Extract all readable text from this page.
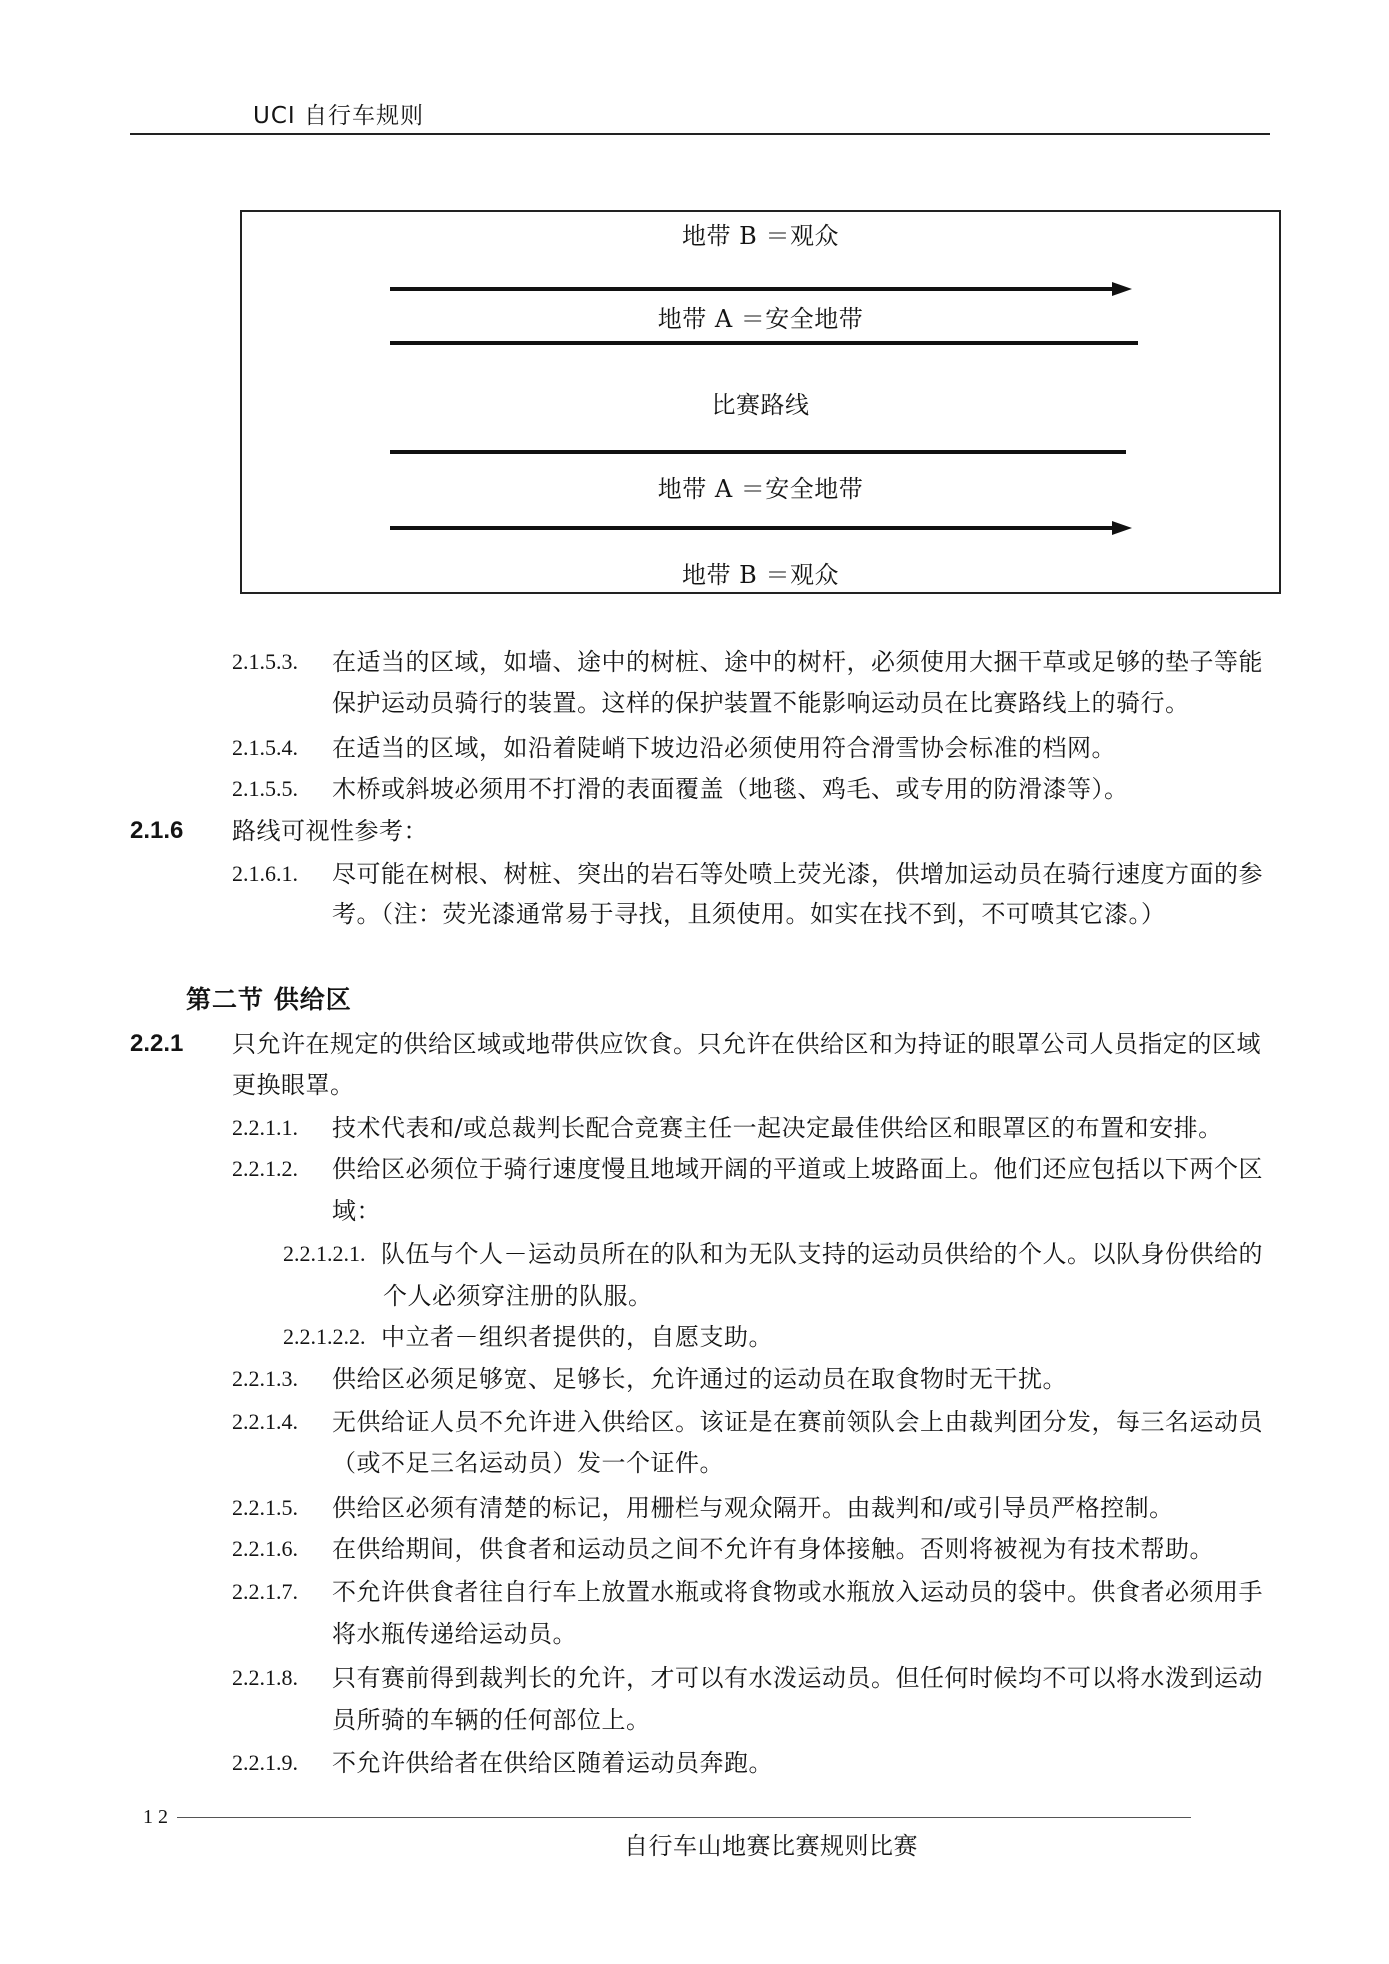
UCI 自行车规则
地带 B ＝观众
地带 A ＝安全地带
比赛路线
地带 A ＝安全地带
地带 B ＝观众
2.1.5.3. 在适当的区域，如墙、途中的树桩、途中的树杆，必须使用大捆干草或足够的垫子等能
保护运动员骑行的装置。这样的保护装置不能影响运动员在比赛路线上的骑行。
2.1.5.4. 在适当的区域，如沿着陡峭下坡边沿必须使用符合滑雪协会标准的档网。
2.1.5.5. 木桥或斜坡必须用不打滑的表面覆盖（地毯、鸡毛、或专用的防滑漆等）。
2.1.6 路线可视性参考：
2.1.6.1. 尽可能在树根、树桩、突出的岩石等处喷上荧光漆，供增加运动员在骑行速度方面的参
考。（注：荧光漆通常易于寻找，且须使用。如实在找不到，不可喷其它漆。）
第二节 供给区
2.2.1 只允许在规定的供给区域或地带供应饮食。只允许在供给区和为持证的眼罩公司人员指定的区域
更换眼罩。
2.2.1.1. 技术代表和/或总裁判长配合竞赛主任一起决定最佳供给区和眼罩区的布置和安排。
2.2.1.2. 供给区必须位于骑行速度慢且地域开阔的平道或上坡路面上。他们还应包括以下两个区
域：
2.2.1.2.1. 队伍与个人－运动员所在的队和为无队支持的运动员供给的个人。以队身份供给的
个人必须穿注册的队服。
2.2.1.2.2. 中立者－组织者提供的，自愿支助。
2.2.1.3. 供给区必须足够宽、足够长，允许通过的运动员在取食物时无干扰。
2.2.1.4. 无供给证人员不允许进入供给区。该证是在赛前领队会上由裁判团分发，每三名运动员
（或不足三名运动员）发一个证件。
2.2.1.5. 供给区必须有清楚的标记，用栅栏与观众隔开。由裁判和/或引导员严格控制。
2.2.1.6. 在供给期间，供食者和运动员之间不允许有身体接触。否则将被视为有技术帮助。
2.2.1.7. 不允许供食者往自行车上放置水瓶或将食物或水瓶放入运动员的袋中。供食者必须用手
将水瓶传递给运动员。
2.2.1.8. 只有赛前得到裁判长的允许，才可以有水泼运动员。但任何时候均不可以将水泼到运动
员所骑的车辆的任何部位上。
2.2.1.9. 不允许供给者在供给区随着运动员奔跑。
1 2
自行车山地赛比赛规则比赛
